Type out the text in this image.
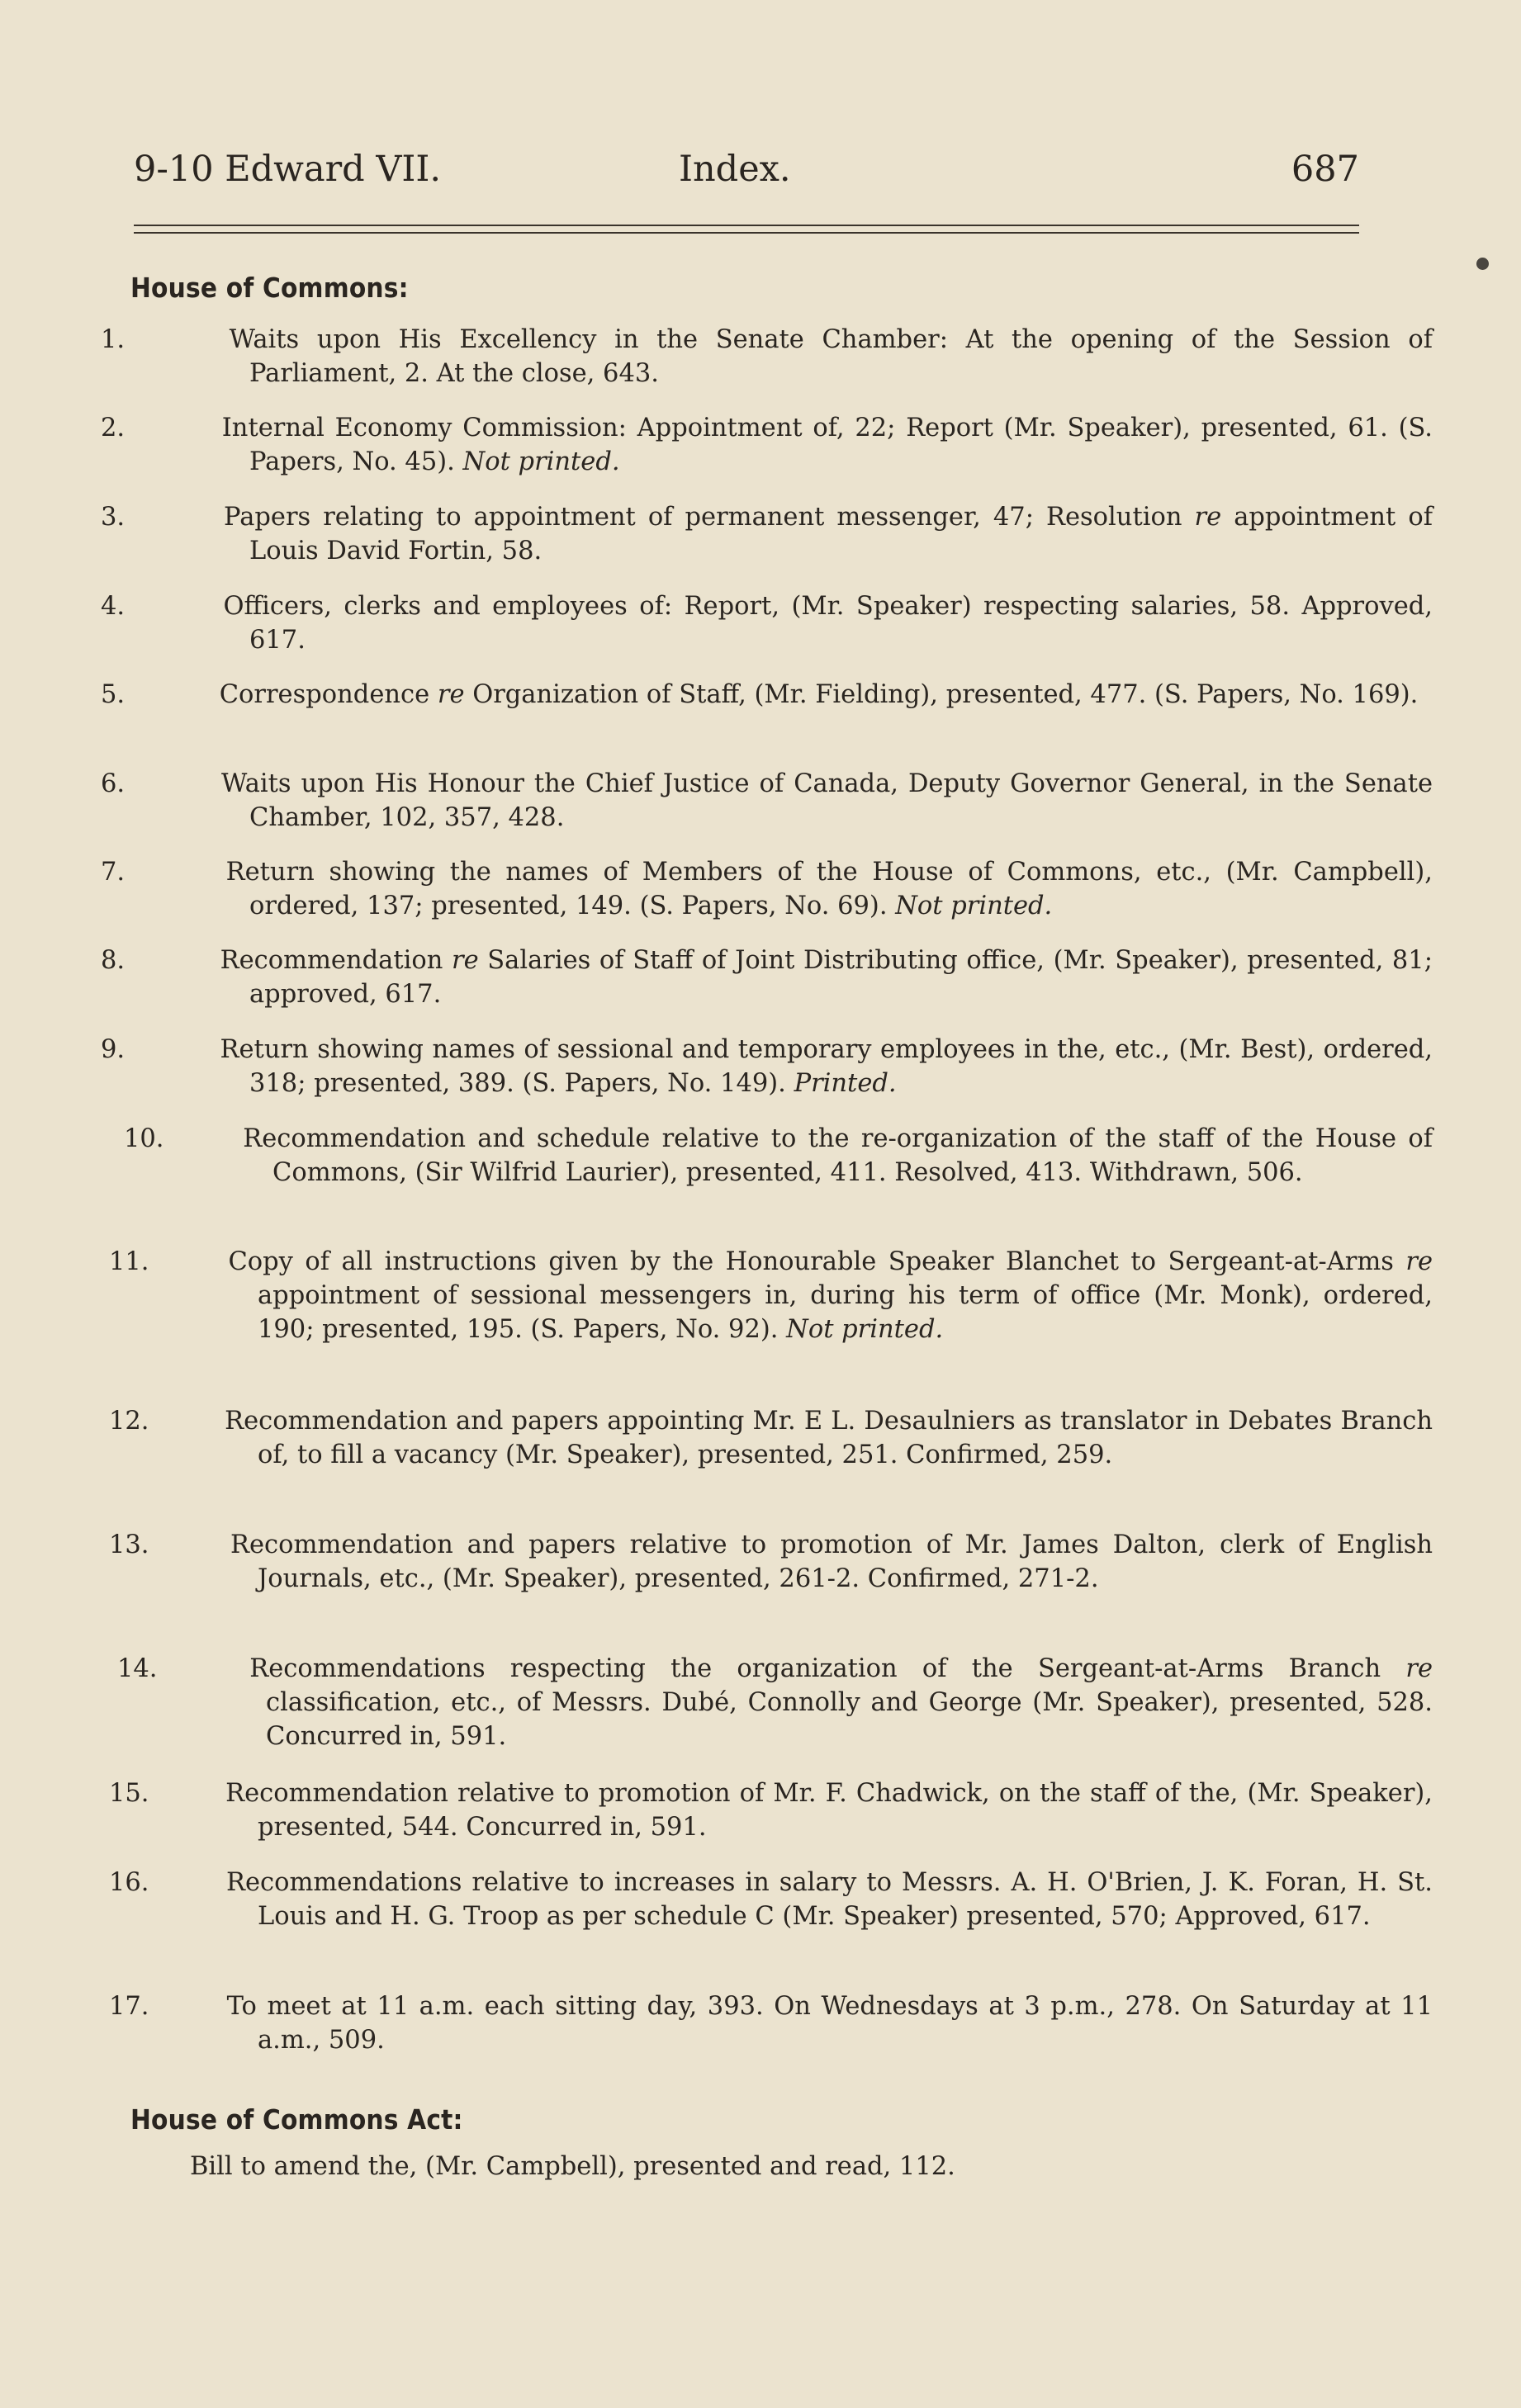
9-10 Edward VII.	Index.	687
House of Commons:
1.	Waits upon His Excellency in the Senate Chamber: At the opening of the Session of Parliament, 2. At the close, 643.
2.	Internal Economy Commission: Appointment of, 22; Report (Mr. Speaker), presented, 61. (S. Papers, No. 45). Not printed.
3.	Papers relating to appointment of permanent messenger, 47; Resolution re appointment of Louis David Fortin, 58.
4.	Officers, clerks and employees of: Report, (Mr. Speaker) respecting salaries, 58. Approved, 617.
5.	Correspondence re Organization of Staff, (Mr. Fielding), presented, 477. (S. Papers, No. 169).
6.	Waits upon His Honour the Chief Justice of Canada, Deputy Governor General, in the Senate Chamber, 102, 357, 428.
7.	Return showing the names of Members of the House of Commons, etc., (Mr. Campbell), ordered, 137; presented, 149. (S. Papers, No. 69). Not printed.
8.	Recommendation re Salaries of Staff of Joint Distributing office, (Mr. Speaker), presented, 81; approved, 617.
9.	Return showing names of sessional and temporary employees in the, etc., (Mr. Best), ordered, 318; presented, 389. (S. Papers, No. 149). Printed.
10.	Recommendation and schedule relative to the re-organization of the staff of the House of Commons, (Sir Wilfrid Laurier), presented, 411. Resolved, 413. Withdrawn, 506.
11.	Copy of all instructions given by the Honourable Speaker Blanchet to Sergeant-at-Arms re appointment of sessional messengers in, during his term of office (Mr. Monk), ordered, 190; presented, 195. (S. Papers, No. 92). Not printed.
12.	Recommendation and papers appointing Mr. E L. Desaulniers as translator in Debates Branch of, to fill a vacancy (Mr. Speaker), presented, 251. Confirmed, 259.
13.	Recommendation and papers relative to promotion of Mr. James Dalton, clerk of English Journals, etc., (Mr. Speaker), presented, 261-2. Confirmed, 271-2.
14.	Recommendations respecting the organization of the Sergeant-at-Arms Branch re classification, etc., of Messrs. Dubé, Connolly and George (Mr. Speaker), presented, 528. Concurred in, 591.
15.	Recommendation relative to promotion of Mr. F. Chadwick, on the staff of the, (Mr. Speaker), presented, 544. Concurred in, 591.
16.	Recommendations relative to increases in salary to Messrs. A. H. O'Brien, J. K. Foran, H. St. Louis and H. G. Troop as per schedule C (Mr. Speaker) presented, 570; Approved, 617.
17.	To meet at 11 a.m. each sitting day, 393. On Wednesdays at 3 p.m., 278. On Saturday at 11 a.m., 509.
House of Commons Act:
Bill to amend the, (Mr. Campbell), presented and read, 112.
